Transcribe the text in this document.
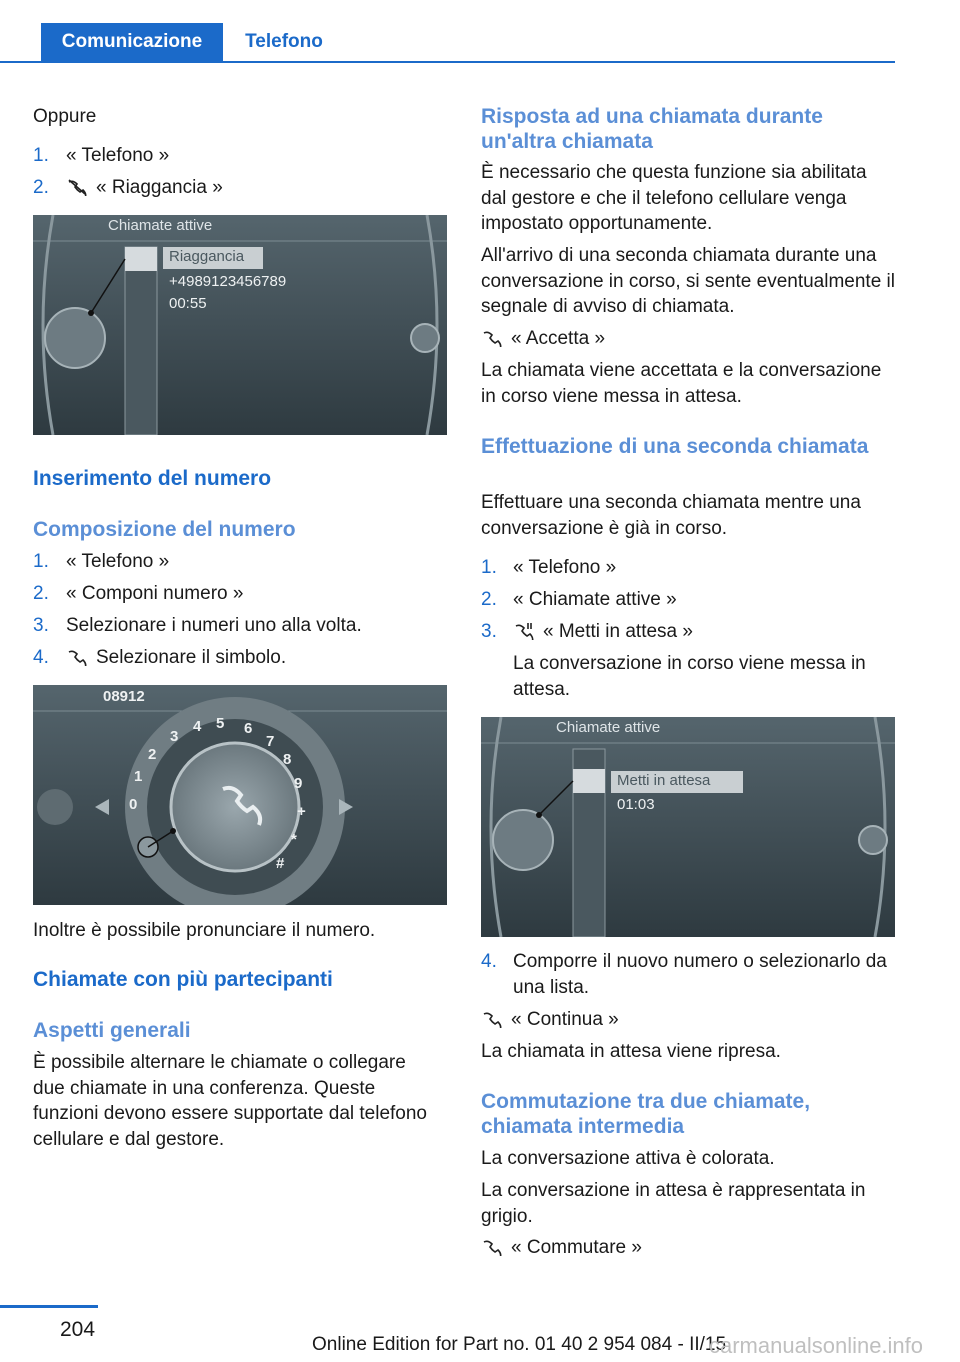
Comunicazione	Telefono
Oppure
1. « Telefono »
2.	« Riaggancia »
Chiamate attive
Riaggancia
+4989123456789
00:55
Inserimento del numero
Composizione del numero
1. « Telefono »
2. « Componi numero »
3. Selezionare i numeri uno alla volta.
4.	Selezionare il simbolo.
08912
1
2
3
4 5 6
7
8
9
0	+
*
#
Inoltre è possibile pronunciare il numero.
Chiamate con più partecipanti
Aspetti generali
È possibile alternare le chiamate o collegare due chiamate in una conferenza. Queste funzioni devono essere supportate dal telefono cellulare e dal gestore.
Risposta ad una chiamata durante un'altra chiamata
È necessario che questa funzione sia abilitata dal gestore e che il telefono cellulare venga impostato opportunamente.
All'arrivo di una seconda chiamata durante una conversazione in corso, si sente eventualmente il segnale di avviso di chiamata.
« Accetta »
La chiamata viene accettata e la conversazione in corso viene messa in attesa.
Effettuazione di una seconda chiamata
Effettuare una seconda chiamata mentre una conversazione è già in corso.
1. « Telefono »
2. « Chiamate attive »
3.	« Metti in attesa »
La conversazione in corso viene messa in attesa.
Chiamate attive
Metti in attesa
01:03
4. Comporre il nuovo numero o selezionarlo da una lista.
« Continua »
La chiamata in attesa viene ripresa.
Commutazione tra due chiamate, chiamata intermedia
La conversazione attiva è colorata.
La conversazione in attesa è rappresentata in grigio.
« Commutare »
204
Online Edition for Part no. 01 40 2 954 084 - II/15
carmanualsonline.info
